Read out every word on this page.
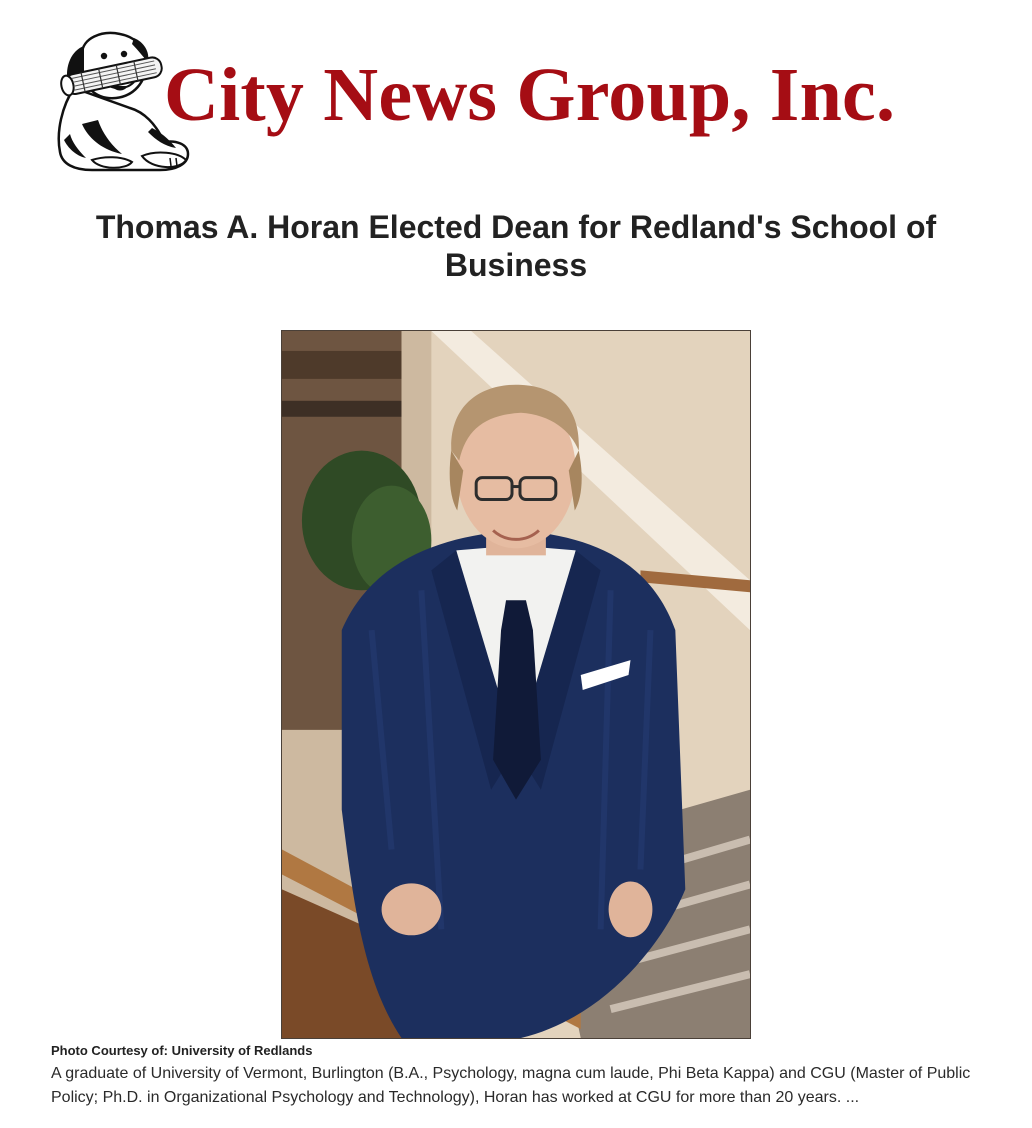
City News Group, Inc.
Thomas A. Horan Elected Dean for Redland's School of Business
Photo Courtesy of: University of Redlands

A graduate of University of Vermont, Burlington (B.A., Psychology, magna cum laude, Phi Beta Kappa) and CGU (Master of Public Policy; Ph.D. in Organizational Psychology and Technology), Horan has worked at CGU for more than 20 years. ...
